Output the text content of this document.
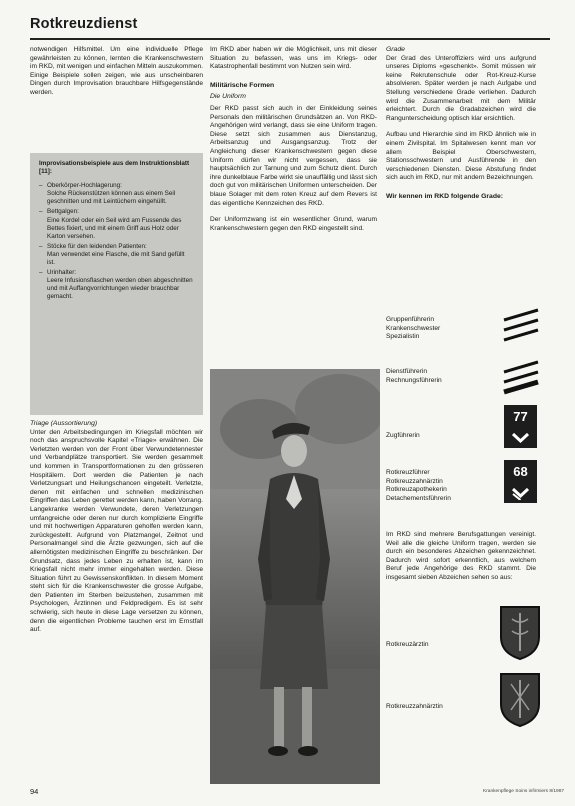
Rotkreuzdienst

notwendigen Hilfsmittel. Um eine individuelle Pflege gewährleisten zu können, lernten die Krankenschwestern im RKD, mit wenigen und einfachen Mitteln auszukommen. Einige Beispiele sollen zeigen, wie aus unscheinbaren Dingen durch Improvisation brauchbare Hilfsgegenstände werden.

Improvisationsbeispiele aus dem Instruktionsblatt [11]:
– Oberkörper-Hochlagerung:
Solche Rückenstützen können aus einem Seil geschnitten und mit Leintüchern eingehüllt.
– Bettgalgen:
Eine Kordel oder ein Seil wird am Fussende des Bettes fixiert, und mit einem Griff aus Holz oder Karton versehen.
– Stöcke für den leidenden Patienten:
Man verwendet eine Flasche, die mit Sand gefüllt ist.
– Urinhalter:
Leere Infusionsflaschen werden oben abgeschnitten und mit Auffangvorrichtungen wieder brauchbar gemacht.

Triage (Aussortierung)

Unter den Arbeitsbedingungen im Kriegsfall möchten wir noch das anspruchsvolle Kapitel «Triage» erwähnen. Die Verletzten werden von der Front über Verwundetennester und Verbandplätze transportiert. Sie werden gesammelt und kommen in Transportformationen zu den grösseren Hospitälern. Dort werden die Patienten je nach Verletzungsart und Heilungschancen eingeteilt. Verletzte, denen mit einfachen und schnellen medizinischen Eingriffen das Leben gerettet werden kann, haben Vorrang. Langekranke werden Verwundete, deren Verletzungen umfangreiche oder deren nur durch komplizierte Eingriffe und mit hochwertigen Apparaturen geholfen werden kann, zurückgestellt. Aufgrund von Platzmangel, Zeitnot und Personalmangel sind die Ärzte gezwungen, sich auf die allernötigsten medizinischen Eingriffe zu beschränken. Der Grundsatz, dass jedes Leben zu erhalten ist, kann im Kriegsfall nicht mehr immer eingehalten werden. Diese Situation führt zu Gewissenskonflikten. In diesem Moment steht sich für die Krankenschwester die grosse Aufgabe, den Patienten im Sterben beizustehen, zusammen mit Psychologen, Ärztinnen und Feldpredigern. Es ist sehr schwierig, sich heute in diese Lage versetzen zu können, denn die eigentlichen Probleme tauchen erst im Ernstfall auf.

Im RKD aber haben wir die Möglichkeit, uns mit dieser Situation zu befassen, was uns im Kriegs- oder Katastrophenfall bestimmt von Nutzen sein wird.

Militärische Formen

Die Uniform

Der RKD passt sich auch in der Einkleidung seines Personals den militärischen Grundsätzen an. Von RKD-Angehörigen wird verlangt, dass sie eine Uniform tragen. Diese setzt sich zusammen aus Dienstanzug, Arbeitsanzug und Ausgangsanzug. Trotz der Angleichung dieser Krankenschwestern gegen diese Uniform dürfen wir nicht vergessen, dass sie hauptsächlich zur Tarnung und zum Schutz dient. Durch ihre dunkelblaue Farbe wirkt sie unauffällig und lässt sich doch gut von militärischen Uniformen unterscheiden. Der blaue Solager mit dem roten Kreuz auf dem Revers ist das eigentliche Kennzeichen des RKD.

Der Uniformzwang ist ein wesentlicher Grund, warum Krankenschwestern gegen den RKD eingestellt sind.

Grade

Der Grad des Unteroffiziers wird uns aufgrund unseres Diploms «geschenkt». Somit müssen wir keine Rekrutenschule oder Rot-Kreuz-Kurse absolvieren. Später werden je nach Aufgabe und Stellung verschiedene Grade verliehen. Dadurch wird die Zusammenarbeit mit dem Militär erleichtert. Durch die Gradabzeichen wird die Rangunterscheidung optisch klar ersichtlich.

Aufbau und Hierarchie sind im RKD ähnlich wie in einem Zivilspital. Im Spitalwesen kennt man vor allem Beispiel Oberschwestern, Stationsschwestern und Ausführende in den verschiedenen Diensten. Diese Abstufung findet sich auch im RKD, nur mit andern Bezeichnungen.

Wir kennen im RKD folgende Grade:

Gruppenführerin
Krankenschwester
Spezialistin
Dienstführerin
Rechnungsführerin
Zugführerin
77
Rotkreuzführer
Rotkreuzzahnärztin
Rotkreuzapothekerin
Detachementsführerin
68

Im RKD sind mehrere Berufsgattungen vereinigt. Weil alle die gleiche Uniform tragen, werden sie durch ein besonderes Abzeichen gekennzeichnet. Dadurch wird sofort erkenntlich, aus welchem Beruf jede Angehörige des RKD stammt. Die insgesamt sieben Abzeichen sehen so aus:

Rotkreuzärztin
Rotkreuzzahnärztin
94	Krankenpflege Soins infirmiers 8/1987
